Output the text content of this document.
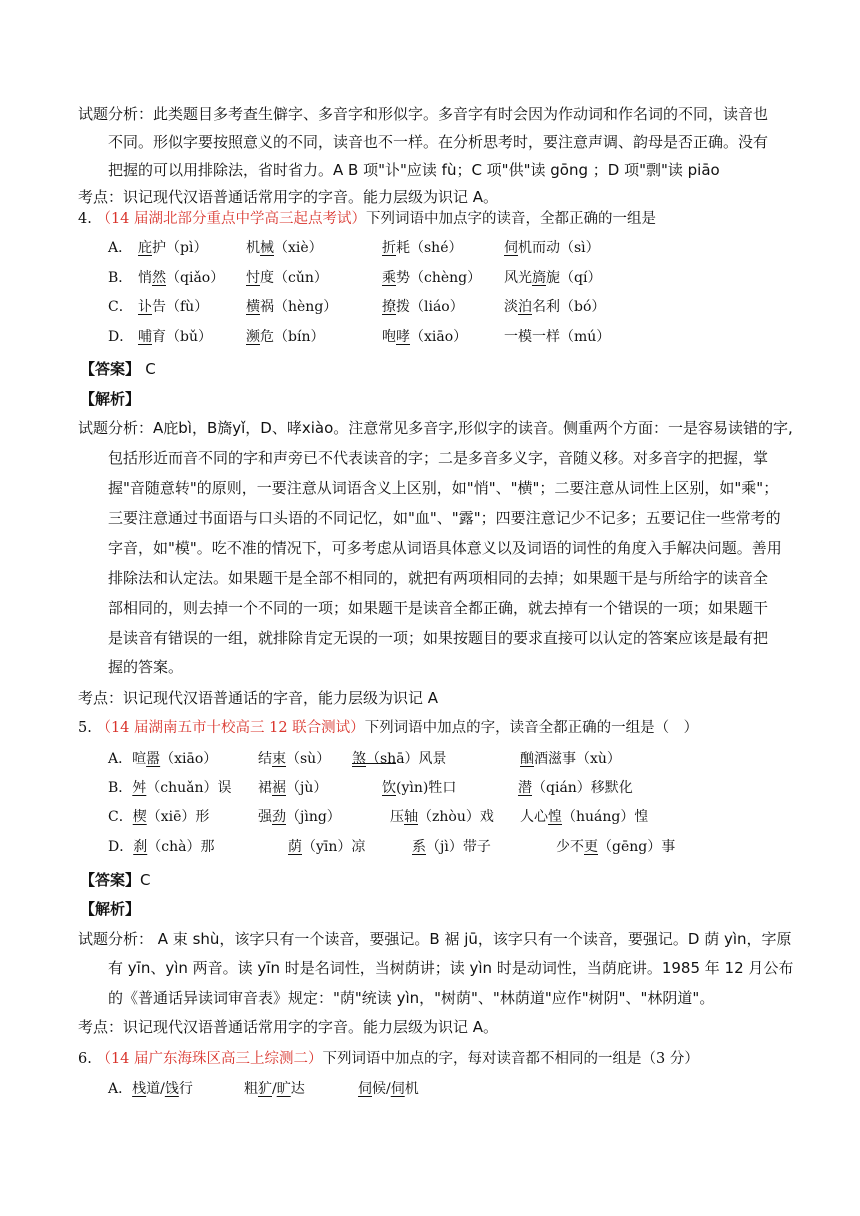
试题分析：此类题目多考查生僻字、多音字和形似字。多音字有时会因为作动词和作名词的不同，读音也
不同。形似字要按照意义的不同，读音也不一样。在分析思考时，要注意声调、韵母是否正确。没有
把握的可以用排除法，省时省力。A B 项"讣"应读 fù；C 项"供"读 gōng ；D 项"剽"读 piāo
考点：识记现代汉语普通话常用字的字音。能力层级为识记 A。
4. （14 届湖北部分重点中学高三起点考试）下列词语中加点字的读音，全都正确的一组是
A． 庇护（pì）	机械（xiè）	折耗（shé）	伺机而动（sì）
B． 悄然（qiǎo） 忖度（cǔn）	乘势（chèng） 风光旖旎（qí）
C． 讣告（fù）	横祸（hèng）	撩拨（liáo）	淡泊名利（bó）
D． 哺育（bǔ） 濒危（bín）	咆哮（xiāo）	一模一样（mú）
【答案】 C
【解析】
试题分析：A庇bì，B旖yǐ，D、哮xiào。注意常见多音字,形似字的读音。侧重两个方面：一是容易读错的字,
包括形近而音不同的字和声旁已不代表读音的字；二是多音多义字，音随义移。对多音字的把握，掌
握"音随意转"的原则，一要注意从词语含义上区别，如"悄"、"横"；二要注意从词性上区别，如"乘"；
三要注意通过书面语与口头语的不同记忆，如"血"、"露"；四要注意记少不记多；五要记住一些常考的
字音，如"模"。吃不准的情况下，可多考虑从词语具体意义以及词语的词性的角度入手解决问题。善用
排除法和认定法。如果题干是全部不相同的，就把有两项相同的去掉；如果题干是与所给字的读音全
部相同的，则去掉一个不同的一项；如果题干是读音全都正确，就去掉有一个错误的一项；如果题干
是读音有错误的一组，就排除肯定无误的一项；如果按题目的要求直接可以认定的答案应该是最有把
握的答案。
考点：识记现代汉语普通话的字音，能力层级为识记 A
5. （14 届湖南五市十校高三 12 联合测试）下列词语中加点的字，读音全都正确的一组是（　）
A．喧嚣（xiāo）	结束（sù） 煞（shā）风景	酗酒滋事（xù）
B．舛（chuǎn）误 裙裾（jù）	饮(yìn)牲口	潜（qián）移默化
C．楔（xiē）形	强劲（jìng）	压轴（zhòu）戏 人心惶（huáng）惶
D．刹（chà）那	荫（yīn）凉	系（jì）带子	少不更（gēng）事
【答案】C
【解析】
试题分析： A 束 shù，该字只有一个读音，要强记。B 裾 jū，该字只有一个读音，要强记。D 荫 yìn，字原
有 yīn、yìn 两音。读 yīn 时是名词性，当树荫讲；读 yìn 时是动词性，当荫庇讲。1985 年 12 月公布
的《普通话异读词审音表》规定："荫"统读 yìn，"树荫"、"林荫道"应作"树阴"、"林阴道"。
考点：识记现代汉语普通话常用字的字音。能力层级为识记 A。
6. （14 届广东海珠区高三上综测二）下列词语中加点的字，每对读音都不相同的一组是（3 分）
A．栈道/饯行	粗犷/旷达	伺候/伺机
